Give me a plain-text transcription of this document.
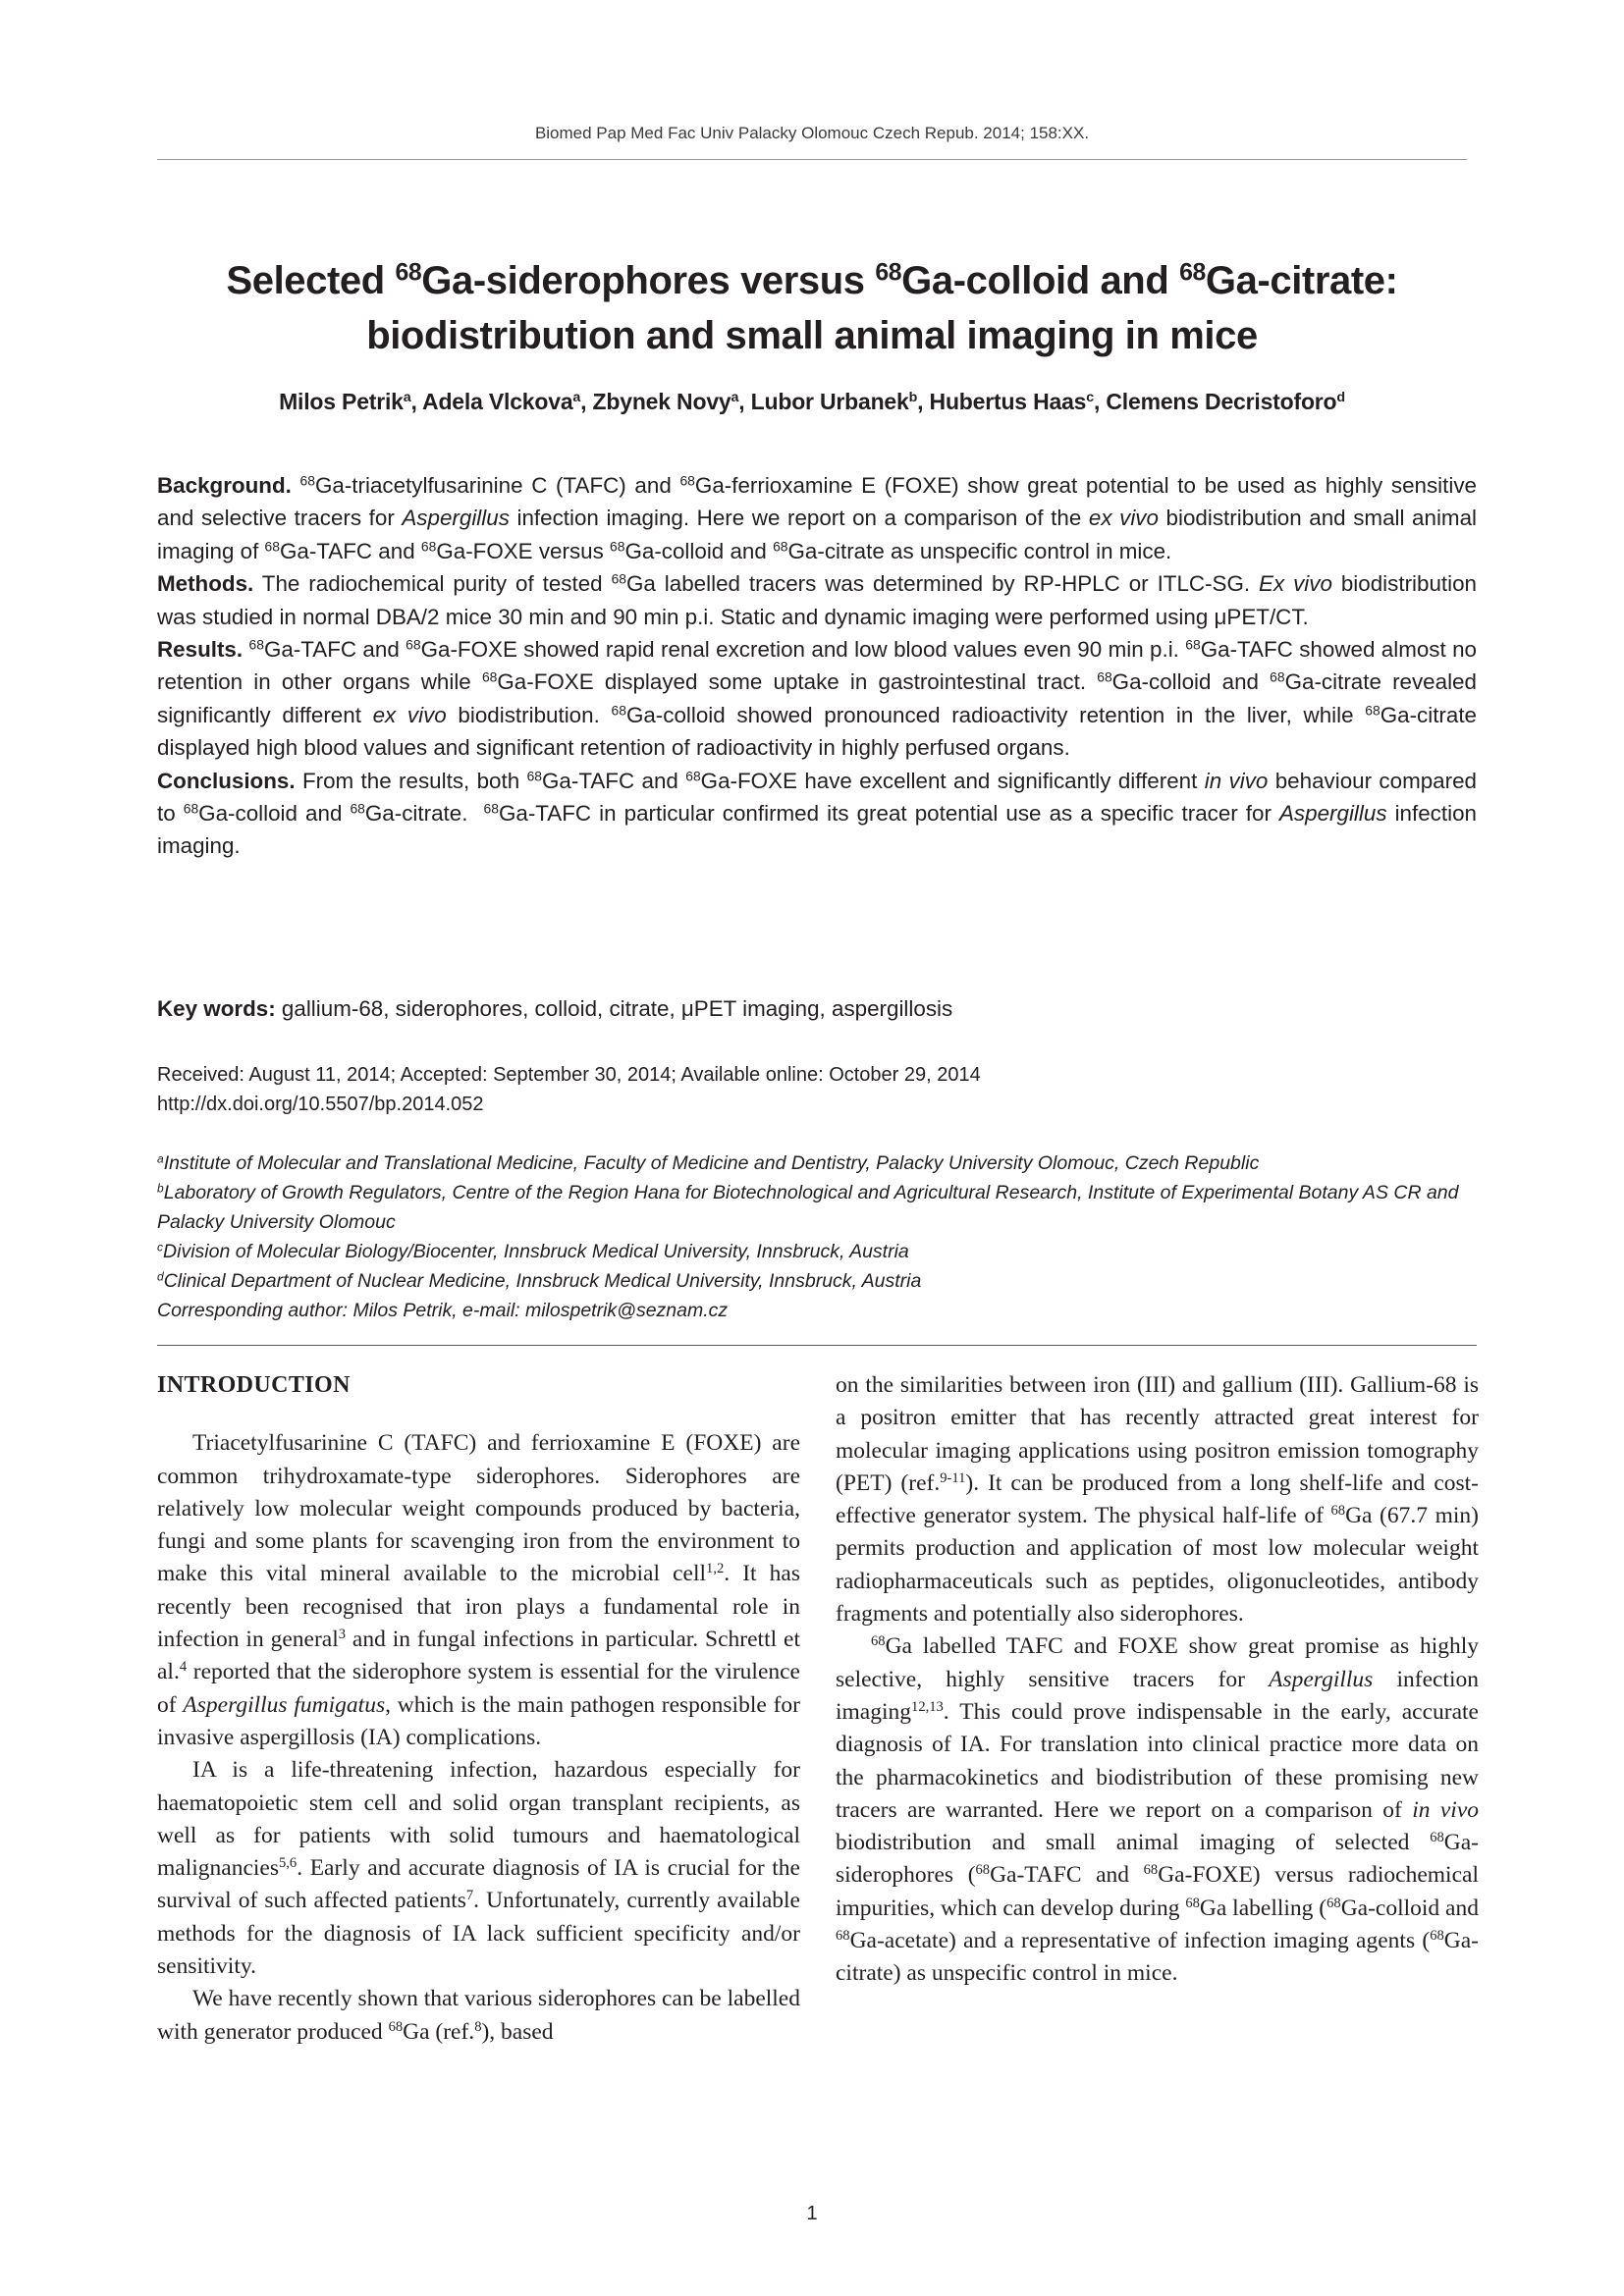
Biomed Pap Med Fac Univ Palacky Olomouc Czech Repub. 2014; 158:XX.
Selected $^{68}$Ga-siderophores versus $^{68}$Ga-colloid and $^{68}$Ga-citrate:
biodistribution and small animal imaging in mice
Milos Petrik$^a$, Adela Vlckova$^a$, Zbynek Novy$^a$, Lubor Urbanek$^b$, Hubertus Haas$^c$, Clemens Decristoforo$^d$

Background. $^{68}$Ga-triacetylfusarinine C (TAFC) and $^{68}$Ga-ferrioxamine E (FOXE) show great potential to be used as highly sensitive and selective tracers for Aspergillus infection imaging. Here we report on a comparison of the ex vivo biodistribution and small animal imaging of $^{68}$Ga-TAFC and $^{68}$Ga-FOXE versus $^{68}$Ga-colloid and $^{68}$Ga-citrate as unspecific control in mice.

Methods. The radiochemical purity of tested $^{68}$Ga labelled tracers was determined by RP-HPLC or ITLC-SG. Ex vivo biodistribution was studied in normal DBA/2 mice 30 min and 90 min p.i. Static and dynamic imaging were performed using μPET/CT.

Results. $^{68}$Ga-TAFC and $^{68}$Ga-FOXE showed rapid renal excretion and low blood values even 90 min p.i. $^{68}$Ga-TAFC showed almost no retention in other organs while $^{68}$Ga-FOXE displayed some uptake in gastrointestinal tract. $^{68}$Ga-colloid and $^{68}$Ga-citrate revealed significantly different ex vivo biodistribution. $^{68}$Ga-colloid showed pronounced radioactivity retention in the liver, while $^{68}$Ga-citrate displayed high blood values and significant retention of radioactivity in highly perfused organs.

Conclusions. From the results, both $^{68}$Ga-TAFC and $^{68}$Ga-FOXE have excellent and significantly different in vivo behaviour compared to $^{68}$Ga-colloid and $^{68}$Ga-citrate.  $^{68}$Ga-TAFC in particular confirmed its great potential use as a specific tracer for Aspergillus infection imaging.

Key words: gallium-68, siderophores, colloid, citrate, μPET imaging, aspergillosis
Received: August 11, 2014; Accepted: September 30, 2014; Available online: October 29, 2014
http://dx.doi.org/10.5507/bp.2014.052

$^a$Institute of Molecular and Translational Medicine, Faculty of Medicine and Dentistry, Palacky University Olomouc, Czech Republic

$^b$Laboratory of Growth Regulators, Centre of the Region Hana for Biotechnological and Agricultural Research, Institute of Experimental Botany AS CR and Palacky University Olomouc

$^c$Division of Molecular Biology/Biocenter, Innsbruck Medical University, Innsbruck, Austria

$^d$Clinical Department of Nuclear Medicine, Innsbruck Medical University, Innsbruck, Austria

Corresponding author: Milos Petrik, e-mail: milospetrik@seznam.cz

INTRODUCTION

Triacetylfusarinine C (TAFC) and ferrioxamine E (FOXE) are common trihydroxamate-type siderophores. Siderophores are relatively low molecular weight compounds produced by bacteria, fungi and some plants for scavenging iron from the environment to make this vital mineral available to the microbial cell$^{1,2}$. It has recently been recognised that iron plays a fundamental role in infection in general$^3$ and in fungal infections in particular. Schrettl et al.$^4$ reported that the siderophore system is essential for the virulence of Aspergillus fumigatus, which is the main pathogen responsible for invasive aspergillosis (IA) complications.

IA is a life-threatening infection, hazardous especially for haematopoietic stem cell and solid organ transplant recipients, as well as for patients with solid tumours and haematological malignancies$^{5,6}$. Early and accurate diagnosis of IA is crucial for the survival of such affected patients$^7$. Unfortunately, currently available methods for the diagnosis of IA lack sufficient specificity and/or sensitivity.

We have recently shown that various siderophores can be labelled with generator produced $^{68}$Ga (ref.$^8$), based

on the similarities between iron (III) and gallium (III). Gallium-68 is a positron emitter that has recently attracted great interest for molecular imaging applications using positron emission tomography (PET) (ref.$^{9-11}$). It can be produced from a long shelf-life and cost-effective generator system. The physical half-life of $^{68}$Ga (67.7 min) permits production and application of most low molecular weight radiopharmaceuticals such as peptides, oligonucleotides, antibody fragments and potentially also siderophores.

$^{68}$Ga labelled TAFC and FOXE show great promise as highly selective, highly sensitive tracers for Aspergillus infection imaging$^{12,13}$. This could prove indispensable in the early, accurate diagnosis of IA. For translation into clinical practice more data on the pharmacokinetics and biodistribution of these promising new tracers are warranted. Here we report on a comparison of in vivo biodistribution and small animal imaging of selected $^{68}$Ga-siderophores ($^{68}$Ga-TAFC and $^{68}$Ga-FOXE) versus radiochemical impurities, which can develop during $^{68}$Ga labelling ($^{68}$Ga-colloid and $^{68}$Ga-acetate) and a representative of infection imaging agents ($^{68}$Ga-citrate) as unspecific control in mice.

1
